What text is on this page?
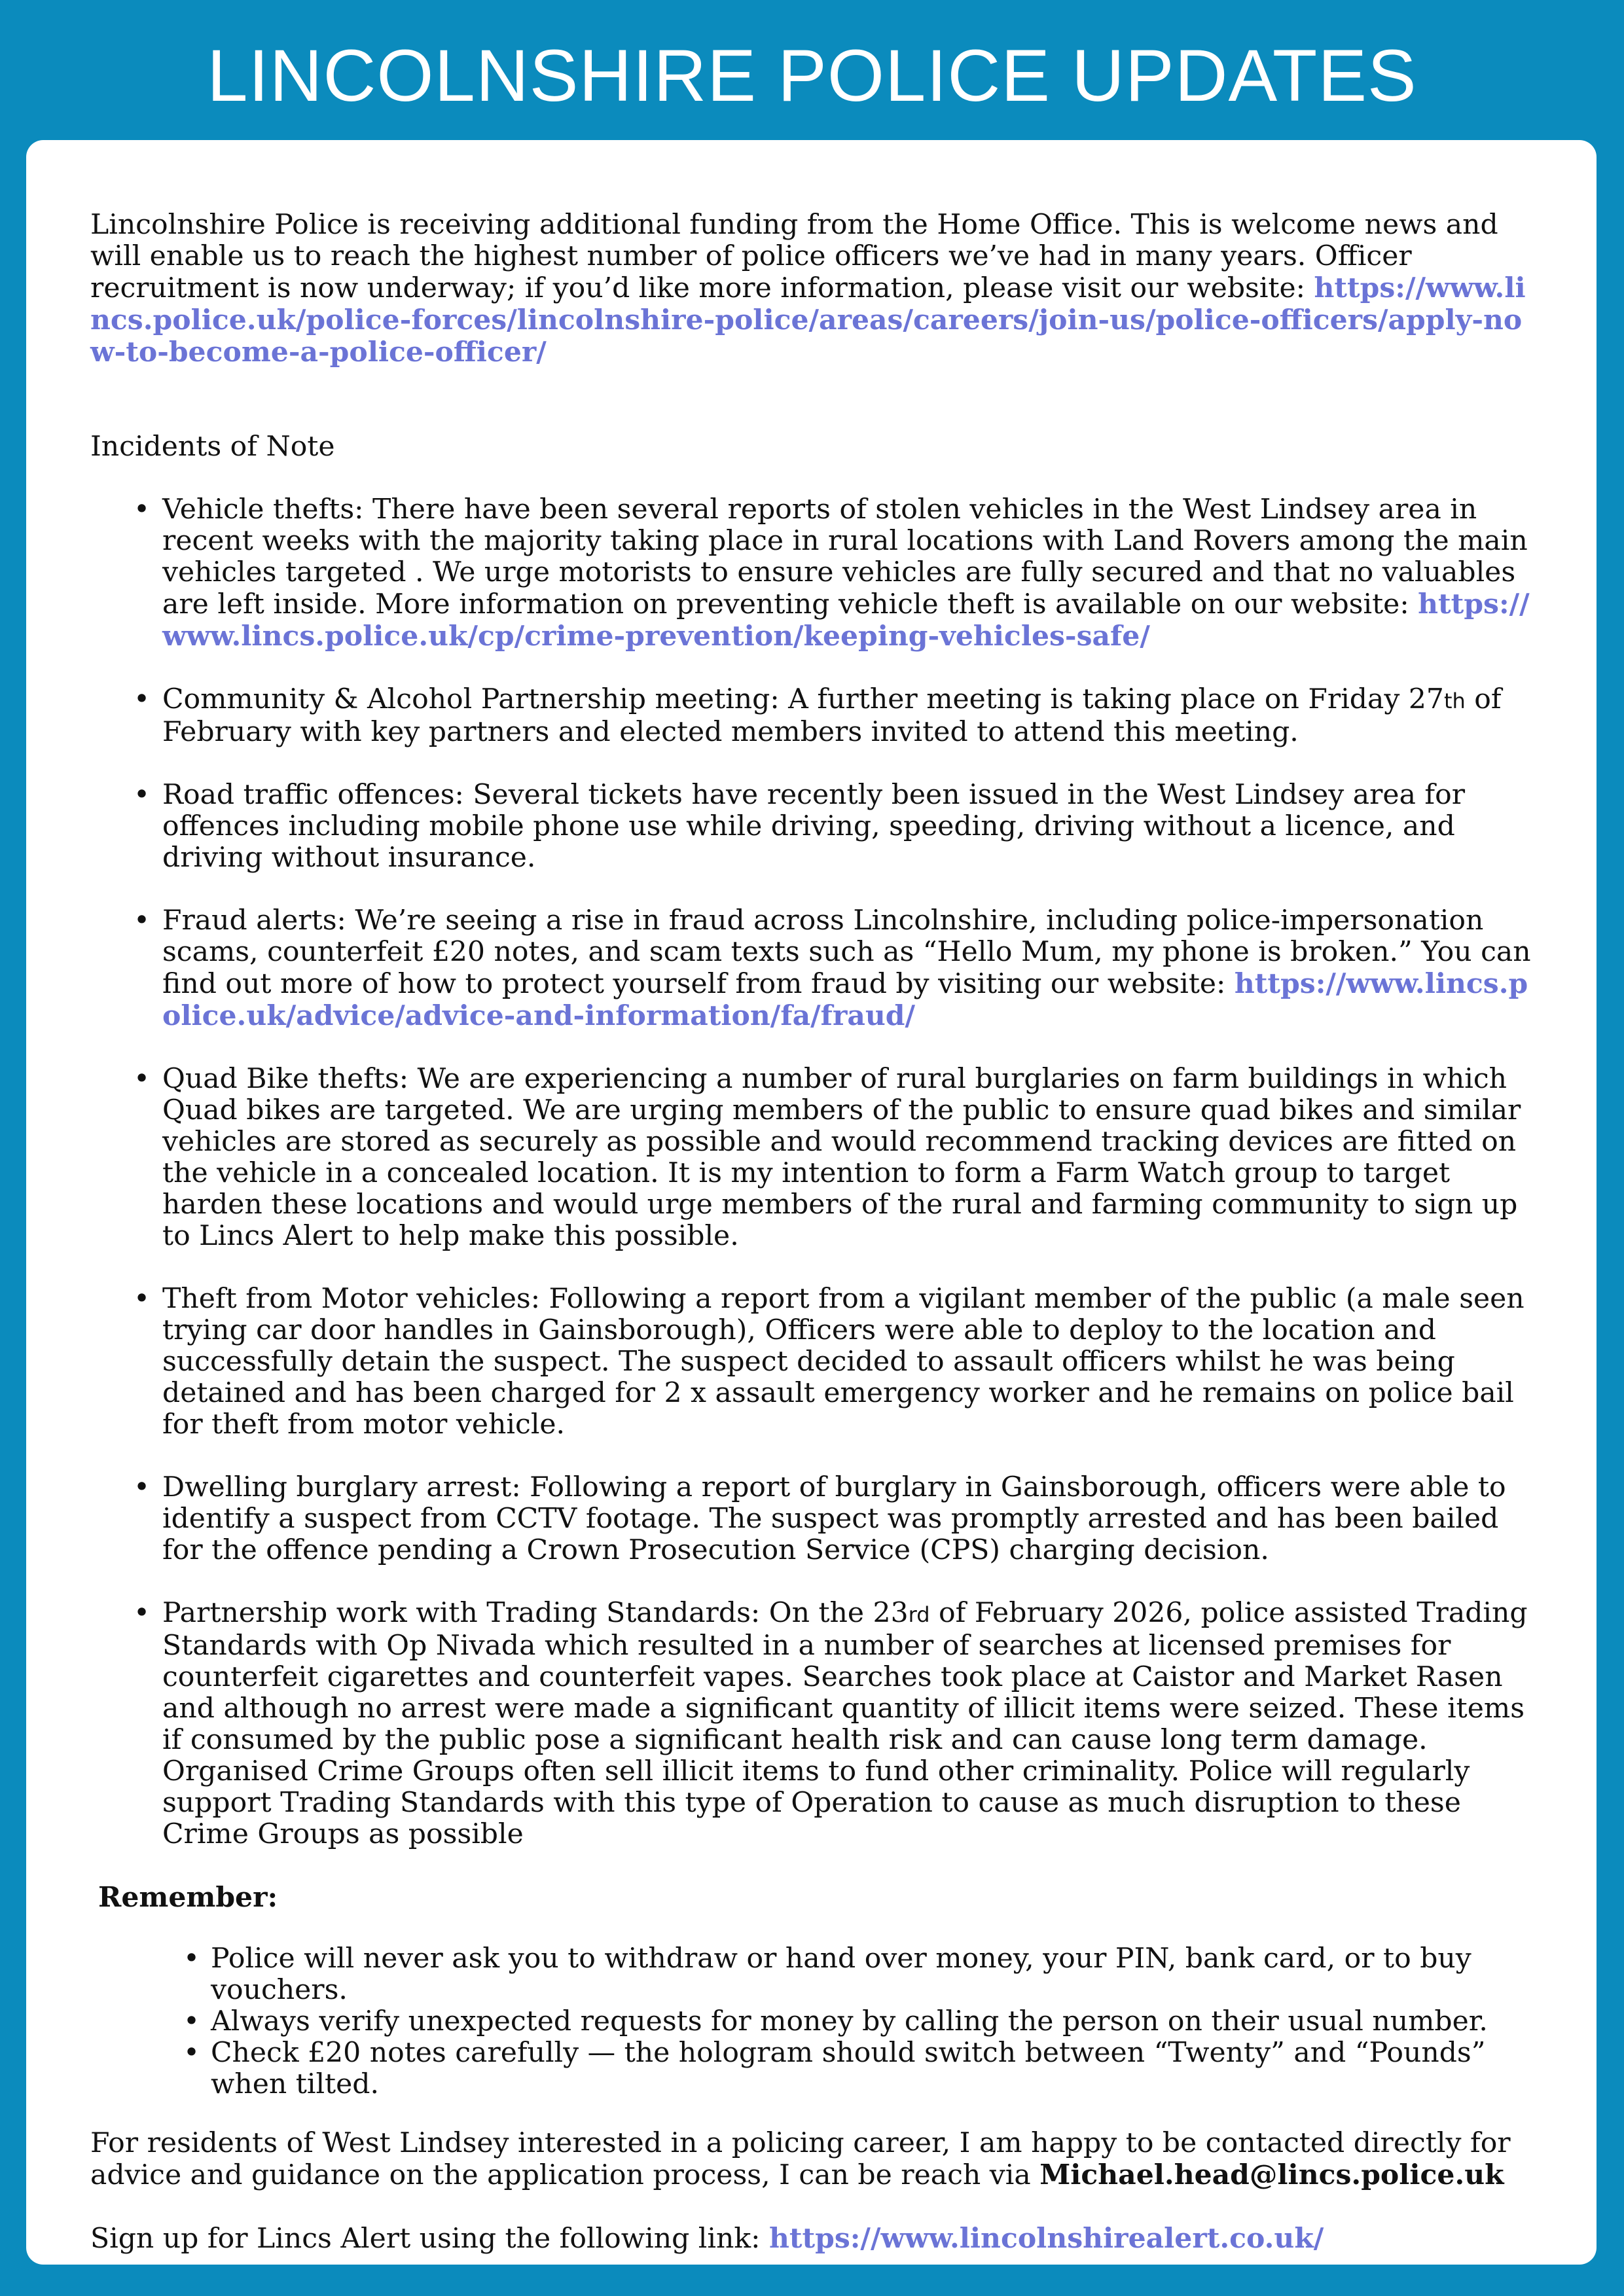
LINCOLNSHIRE POLICE UPDATES

Lincolnshire Police is receiving additional funding from the Home Office. This is welcome news and will enable us to reach the highest number of police officers we’ve had in many years. Officer recruitment is now underway; if you’d like more information, please visit our website: https://www.lincs.police.uk/police-forces/lincolnshire-police/areas/careers/join-us/police-officers/apply-now-to-become-a-police-officer/

Incidents of Note

• Vehicle thefts: There have been several reports of stolen vehicles in the West Lindsey area in recent weeks with the majority taking place in rural locations with Land Rovers among the main vehicles targeted . We urge motorists to ensure vehicles are fully secured and that no valuables are left inside. More information on preventing vehicle theft is available on our website: https://www.lincs.police.uk/cp/crime-prevention/keeping-vehicles-safe/
• Community & Alcohol Partnership meeting: A further meeting is taking place on Friday 27th of February with key partners and elected members invited to attend this meeting.
• Road traffic offences: Several tickets have recently been issued in the West Lindsey area for offences including mobile phone use while driving, speeding, driving without a licence, and driving without insurance.
• Fraud alerts: We’re seeing a rise in fraud across Lincolnshire, including police-impersonation scams, counterfeit £20 notes, and scam texts such as “Hello Mum, my phone is broken.” You can find out more of how to protect yourself from fraud by visiting our website: https://www.lincs.police.uk/advice/advice-and-information/fa/fraud/
• Quad Bike thefts: We are experiencing a number of rural burglaries on farm buildings in which Quad bikes are targeted. We are urging members of the public to ensure quad bikes and similar vehicles are stored as securely as possible and would recommend tracking devices are fitted on the vehicle in a concealed location. It is my intention to form a Farm Watch group to target harden these locations and would urge members of the rural and farming community to sign up to Lincs Alert to help make this possible.
• Theft from Motor vehicles: Following a report from a vigilant member of the public (a male seen trying car door handles in Gainsborough), Officers were able to deploy to the location and successfully detain the suspect. The suspect decided to assault officers whilst he was being detained and has been charged for 2 x assault emergency worker and he remains on police bail for theft from motor vehicle.
• Dwelling burglary arrest: Following a report of burglary in Gainsborough, officers were able to identify a suspect from CCTV footage. The suspect was promptly arrested and has been bailed for the offence pending a Crown Prosecution Service (CPS) charging decision.
• Partnership work with Trading Standards: On the 23rd of February 2026, police assisted Trading Standards with Op Nivada which resulted in a number of searches at licensed premises for counterfeit cigarettes and counterfeit vapes. Searches took place at Caistor and Market Rasen and although no arrest were made a significant quantity of illicit items were seized. These items if consumed by the public pose a significant health risk and can cause long term damage. Organised Crime Groups often sell illicit items to fund other criminality. Police will regularly support Trading Standards with this type of Operation to cause as much disruption to these Crime Groups as possible

Remember:

• Police will never ask you to withdraw or hand over money, your PIN, bank card, or to buy vouchers.
• Always verify unexpected requests for money by calling the person on their usual number.
• Check £20 notes carefully — the hologram should switch between “Twenty” and “Pounds” when tilted.

For residents of West Lindsey interested in a policing career, I am happy to be contacted directly for advice and guidance on the application process, I can be reach via Michael.head@lincs.police.uk

Sign up for Lincs Alert using the following link: https://www.lincolnshirealert.co.uk/
